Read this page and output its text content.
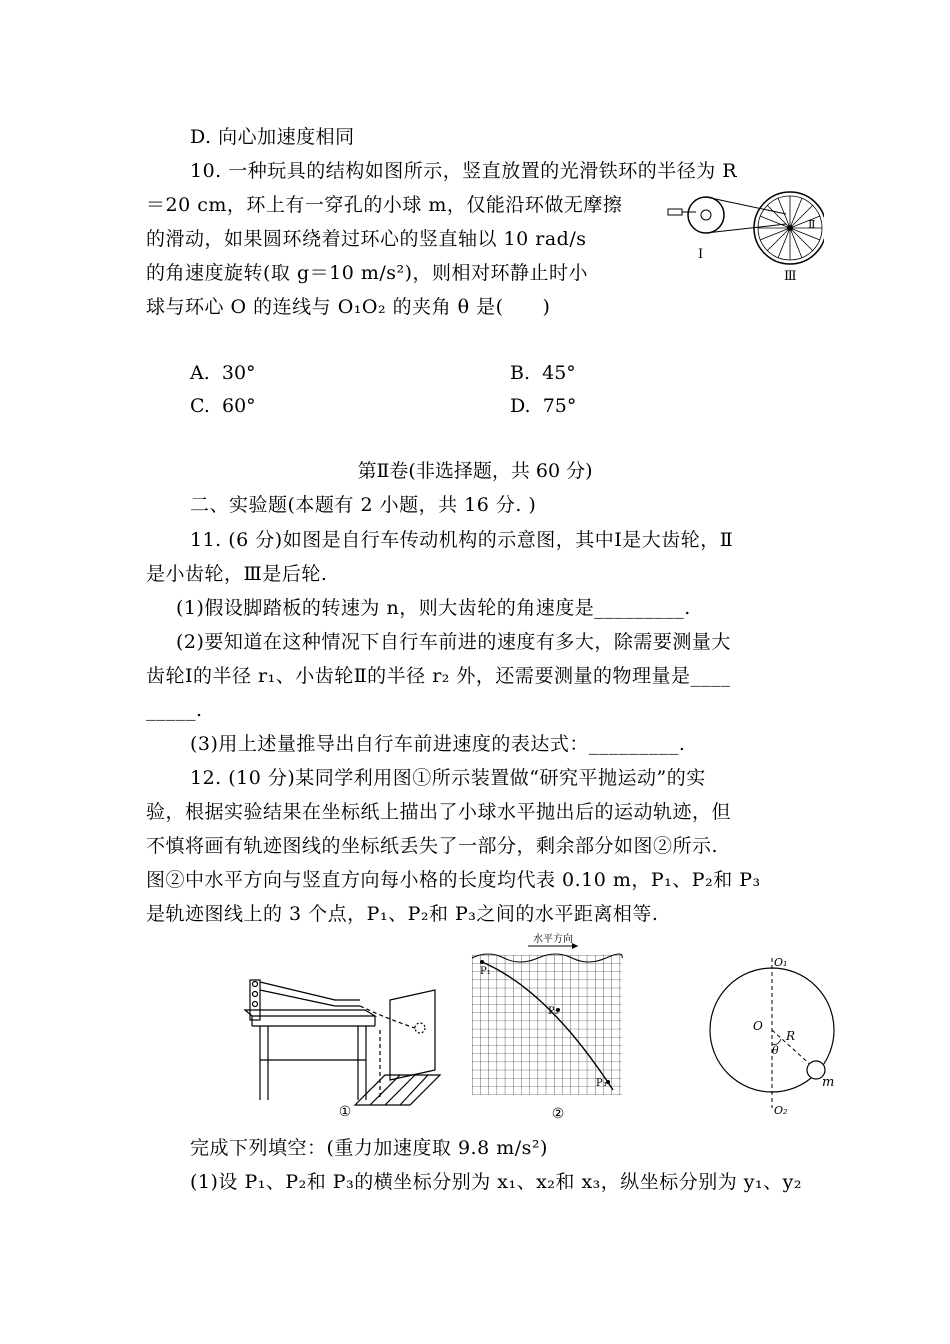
D. 向心加速度相同
10. 一种玩具的结构如图所示，竖直放置的光滑铁环的半径为 R
＝20 cm，环上有一穿孔的小球 m，仅能沿环做无摩擦
的滑动，如果圆环绕着过环心的竖直轴以 10 rad/s
的角速度旋转(取 g＝10 m/s²)，则相对环静止时小
球与环心 O 的连线与 O₁O₂ 的夹角 θ 是(　　)
Ⅰ
Ⅱ
Ⅲ
A. 30°	B. 45°
C. 60°	D. 75°
第Ⅱ卷(非选择题，共 60 分)
二、实验题(本题有 2 小题，共 16 分. )
11. (6 分)如图是自行车传动机构的示意图，其中Ⅰ是大齿轮，Ⅱ
是小齿轮，Ⅲ是后轮.
(1)假设脚踏板的转速为 n，则大齿轮的角速度是_________.
(2)要知道在这种情况下自行车前进的速度有多大，除需要测量大
齿轮Ⅰ的半径 r₁、小齿轮Ⅱ的半径 r₂ 外，还需要测量的物理量是____
_____.
(3)用上述量推导出自行车前进速度的表达式：_________.
12. (10 分)某同学利用图①所示装置做“研究平抛运动”的实
验，根据实验结果在坐标纸上描出了小球水平抛出后的运动轨迹，但
不慎将画有轨迹图线的坐标纸丢失了一部分，剩余部分如图②所示.
图②中水平方向与竖直方向每小格的长度均代表 0.10 m，P₁、P₂和 P₃
是轨迹图线上的 3 个点，P₁、P₂和 P₃之间的水平距离相等.
①
水平方向
P₁
P₂
P₃
②
O₁
O
R
θ
m
O₂
完成下列填空：(重力加速度取 9.8 m/s²)
(1)设 P₁、P₂和 P₃的横坐标分别为 x₁、x₂和 x₃，纵坐标分别为 y₁、y₂
